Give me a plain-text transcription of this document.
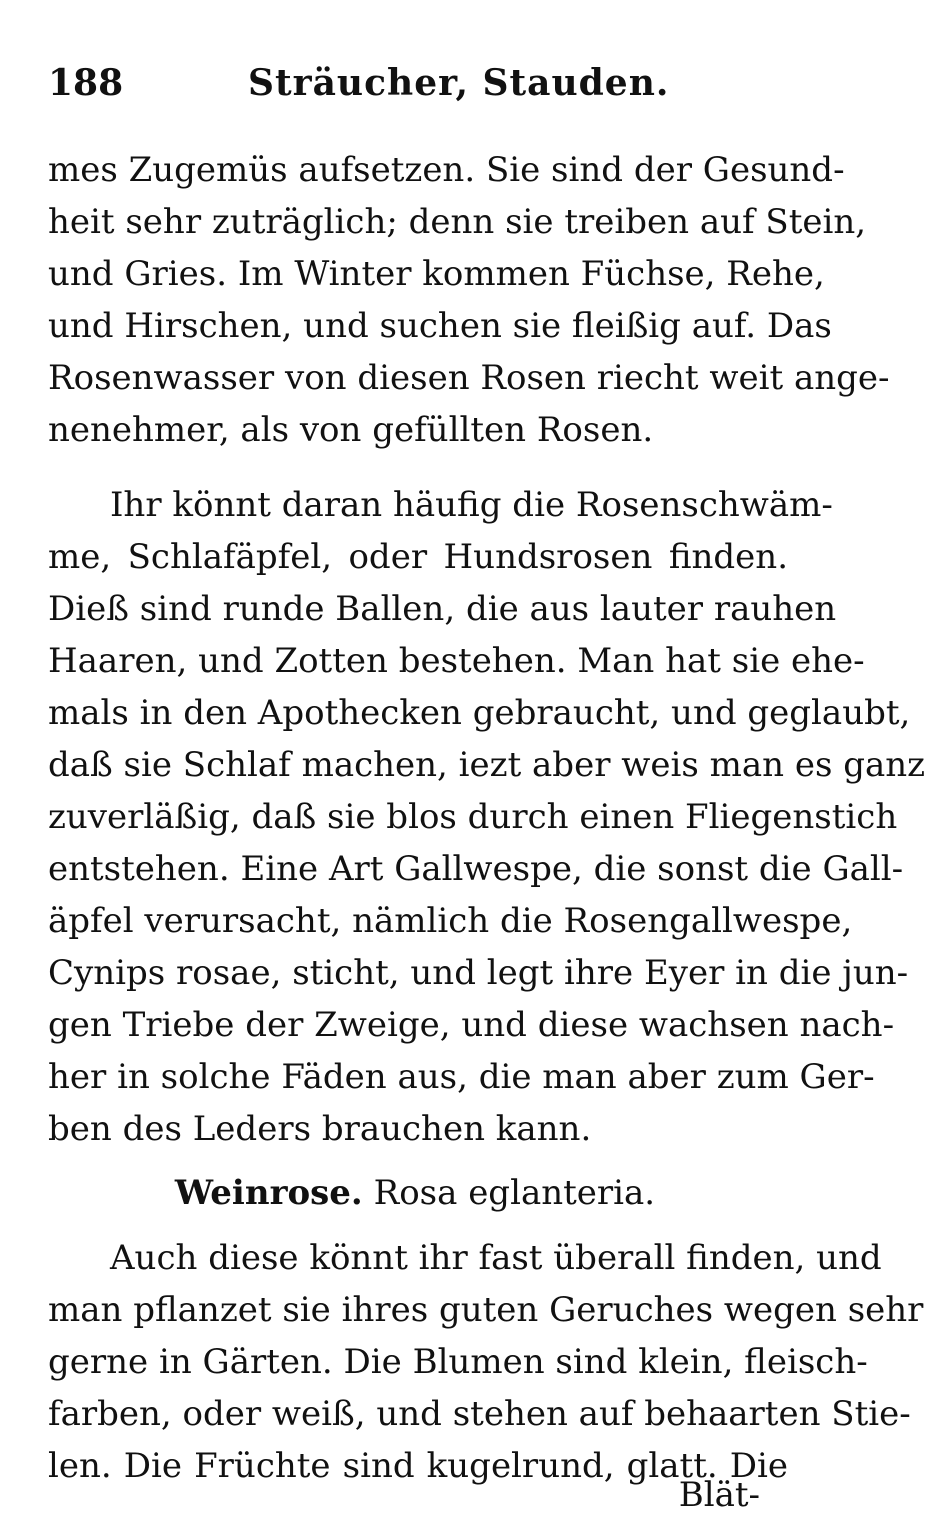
188	Sträucher, Stauden.
mes Zugemüs aufsetzen. Sie sind der Gesund-
heit sehr zuträglich; denn sie treiben auf Stein,
und Gries. Im Winter kommen Füchse, Rehe,
und Hirschen, und suchen sie fleißig auf. Das
Rosenwasser von diesen Rosen riecht weit ange-
nenehmer, als von gefüllten Rosen.
Ihr könnt daran häufig die Rosenschwäm-
me, Schlafäpfel, oder Hundsrosen finden.
Dieß sind runde Ballen, die aus lauter rauhen
Haaren, und Zotten bestehen. Man hat sie ehe-
mals in den Apothecken gebraucht, und geglaubt,
daß sie Schlaf machen, iezt aber weis man es ganz
zuverläßig, daß sie blos durch einen Fliegenstich
entstehen. Eine Art Gallwespe, die sonst die Gall-
äpfel verursacht, nämlich die Rosengallwespe,
Cynips rosae, sticht, und legt ihre Eyer in die jun-
gen Triebe der Zweige, und diese wachsen nach-
her in solche Fäden aus, die man aber zum Ger-
ben des Leders brauchen kann.
Weinrose. Rosa eglanteria.
Auch diese könnt ihr fast überall finden, und
man pflanzet sie ihres guten Geruches wegen sehr
gerne in Gärten. Die Blumen sind klein, fleisch-
farben, oder weiß, und stehen auf behaarten Stie-
len. Die Früchte sind kugelrund, glatt. Die
Blät-
